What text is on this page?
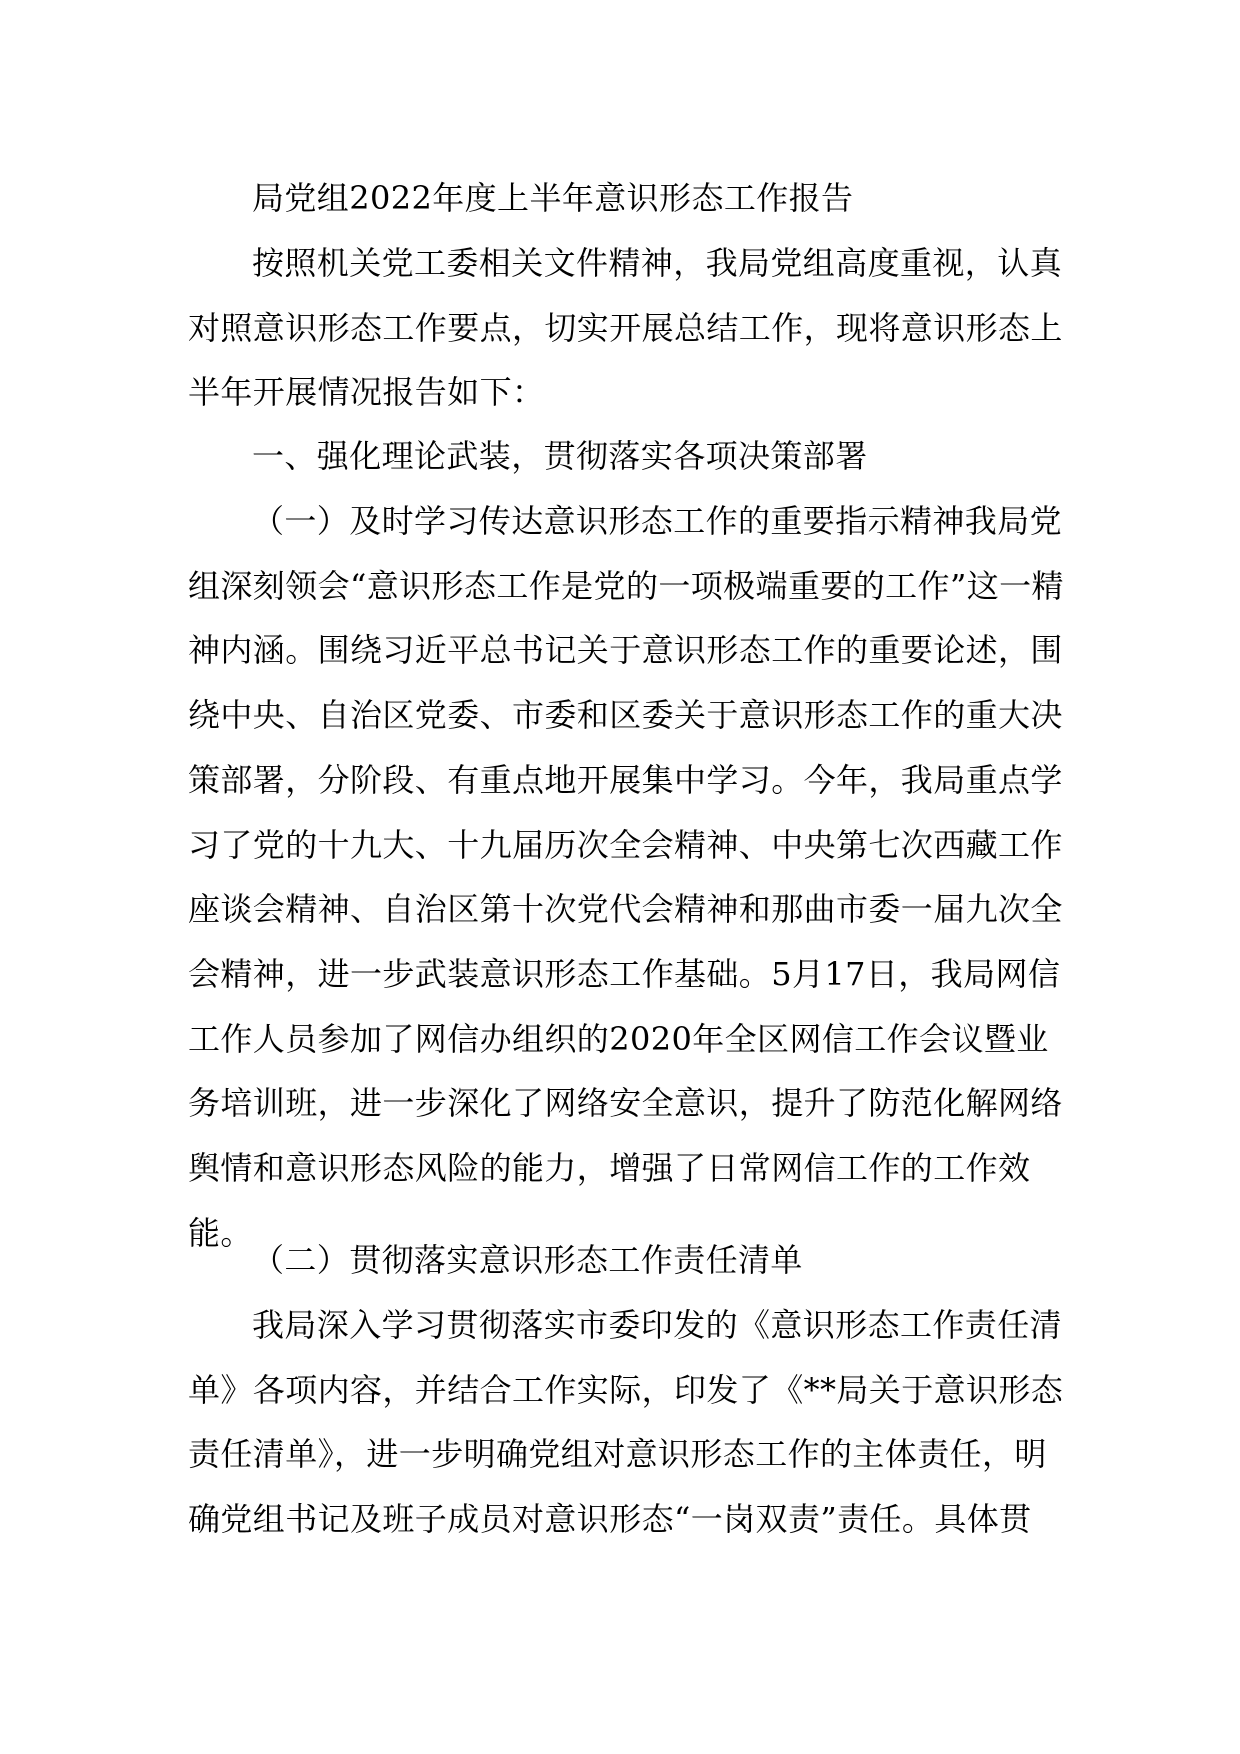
局党组2022年度上半年意识形态工作报告

按照机关党工委相关文件精神，我局党组高度重视，认真对照意识形态工作要点，切实开展总结工作，现将意识形态上半年开展情况报告如下：

一、强化理论武装，贯彻落实各项决策部署

（一）及时学习传达意识形态工作的重要指示精神我局党组深刻领会“意识形态工作是党的一项极端重要的工作”这一精神内涵。围绕习近平总书记关于意识形态工作的重要论述，围绕中央、自治区党委、市委和区委关于意识形态工作的重大决策部署，分阶段、有重点地开展集中学习。今年，我局重点学习了党的十九大、十九届历次全会精神、中央第七次西藏工作座谈会精神、自治区第十次党代会精神和那曲市委一届九次全会精神，进一步武装意识形态工作基础。5月17日，我局网信工作人员参加了网信办组织的2020年全区网信工作会议暨业务培训班，进一步深化了网络安全意识，提升了防范化解网络舆情和意识形态风险的能力，增强了日常网信工作的工作效能。

（二）贯彻落实意识形态工作责任清单

我局深入学习贯彻落实市委印发的《意识形态工作责任清单》各项内容，并结合工作实际，印发了《**局关于意识形态责任清单》，进一步明确党组对意识形态工作的主体责任，明确党组书记及班子成员对意识形态“一岗双责”责任。具体贯
